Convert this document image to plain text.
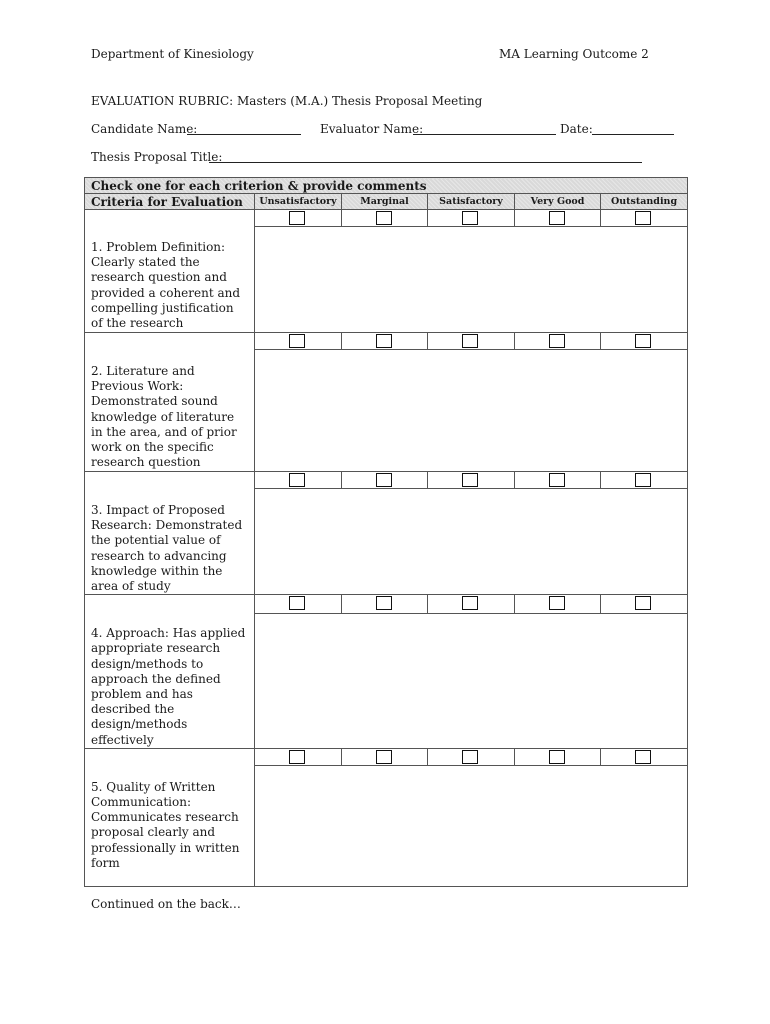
Department of Kinesiology	MA Learning Outcome 2
EVALUATION RUBRIC: Masters (M.A.) Thesis Proposal Meeting
Candidate Name:	Evaluator Name:	Date:
Thesis Proposal Title:
Check one for each criterion & provide comments					
Criteria for Evaluation	Unsatisfactory	Marginal	Satisfactory	Very Good	Outstanding

1. Problem Definition: Clearly stated the research question and provided a coherent and compelling justification of the research					

2. Literature and Previous Work: Demonstrated sound knowledge of literature in the area, and of prior work on the specific research question					

3. Impact of Proposed Research: Demonstrated the potential value of research to advancing knowledge within the area of study					

4. Approach: Has applied appropriate research design/methods to approach the defined problem and has described the design/methods effectively					

5. Quality of Written Communication: Communicates research proposal clearly and professionally in written form					

Continued on the back…
